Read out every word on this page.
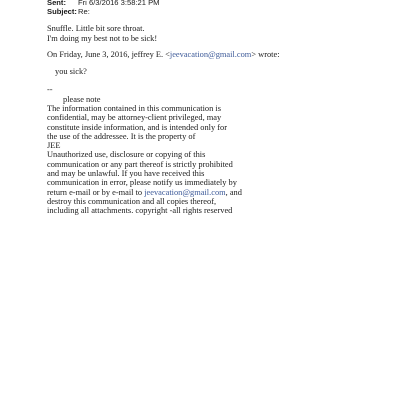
Sent:	Fri 6/3/2016 3:58:21 PM
Subject: Re:
Snuffle. Little bit sore throat.
I'm doing my best not to be sick!
On Friday, June 3, 2016, jeffrey E. <jeevacation@gmail.com> wrote:
you sick?
--
please note
The information contained in this communication is
confidential, may be attorney-client privileged, may
constitute inside information, and is intended only for
the use of the addressee. It is the property of
JEE
Unauthorized use, disclosure or copying of this
communication or any part thereof is strictly prohibited
and may be unlawful. If you have received this
communication in error, please notify us immediately by
return e-mail or by e-mail to jeevacation@gmail.com, and
destroy this communication and all copies thereof,
including all attachments. copyright -all rights reserved
